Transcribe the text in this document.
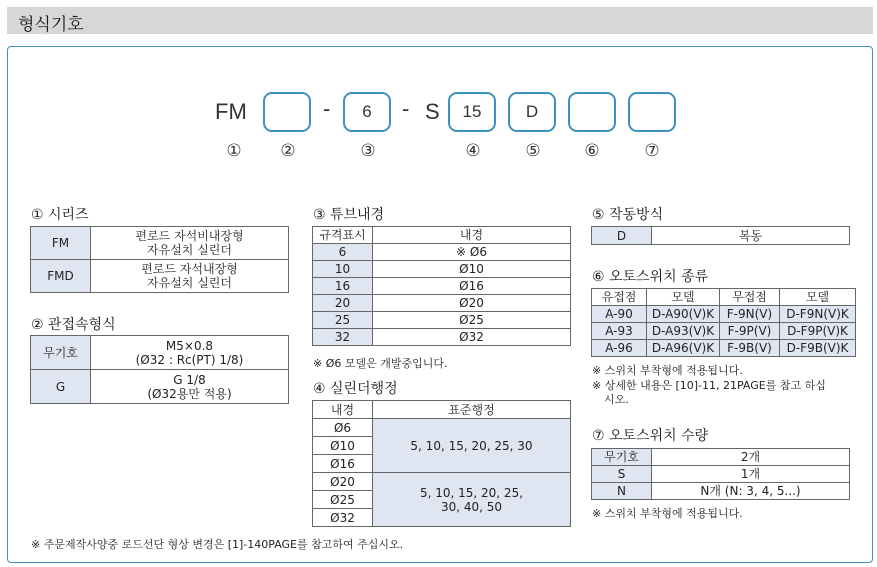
형식기호
FM	-	6	- S	15	D
① ②	③	④	⑤	⑥	⑦
① 시리즈
FM	편로드 자석비내장형
자유설치 실린더
FMD	편로드 자석내장형
자유설치 실린더
② 관접속형식
무기호	M5×0.8
(Ø32 : Rc(PT) 1/8)
G	G 1/8
(Ø32용만 적용)
③ 튜브내경
규격표시	내경
6	※ Ø6
10	Ø10
16	Ø16
20	Ø20
25	Ø25
32	Ø32
※ Ø6 모델은 개발중입니다.
④ 실린더행정
내경	표준행정
Ø6	5, 10, 15, 20, 25, 30
Ø10	
Ø16	
Ø20	5, 10, 15, 20, 25,
30, 40, 50
Ø25	
Ø32	
⑤ 작동방식
D	복동
⑥ 오토스위치 종류
유접점	모델	무접점	모델
A-90	D-A90(V)K	F-9N(V)	D-F9N(V)K
A-93	D-A93(V)K	F-9P(V)	D-F9P(V)K
A-96	D-A96(V)K	F-9B(V)	D-F9B(V)K
※ 스위치 부착형에 적용됩니다.
※ 상세한 내용은 [10]-11, 21PAGE를 참고 하십
시오.
⑦ 오토스위치 수량
무기호	2개
S	1개
N	N개 (N: 3, 4, 5...)
※ 스위치 부착형에 적용됩니다.
※ 주문제작사양중 로드선단 형상 변경은 [1]-140PAGE를 참고하여 주십시오.
